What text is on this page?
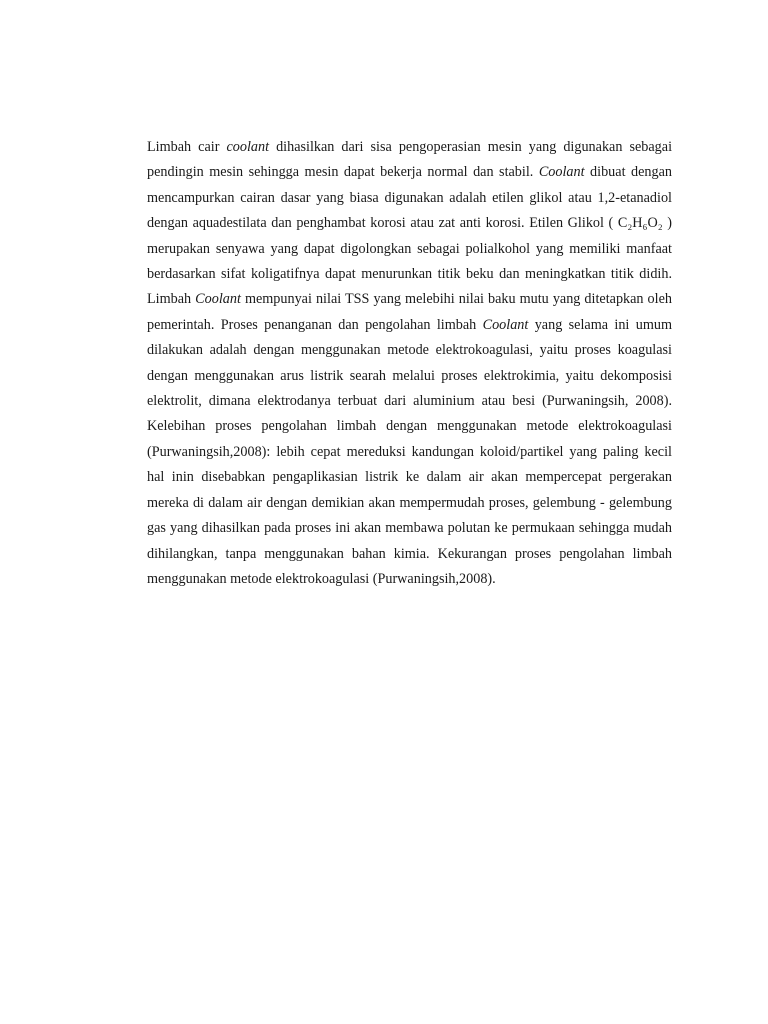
Limbah cair coolant dihasilkan dari sisa pengoperasian mesin yang digunakan sebagai pendingin mesin sehingga mesin dapat bekerja normal dan stabil. Coolant dibuat dengan mencampurkan cairan dasar yang biasa digunakan adalah etilen glikol atau 1,2-etanadiol dengan aquadestilata dan penghambat korosi atau zat anti korosi. Etilen Glikol ( C₂H₆O₂ ) merupakan senyawa yang dapat digolongkan sebagai polialkohol yang memiliki manfaat berdasarkan sifat koligatifnya dapat menurunkan titik beku dan meningkatkan titik didih. Limbah Coolant mempunyai nilai TSS yang melebihi nilai baku mutu yang ditetapkan oleh pemerintah. Proses penanganan dan pengolahan limbah Coolant yang selama ini umum dilakukan adalah dengan menggunakan metode elektrokoagulasi, yaitu proses koagulasi dengan menggunakan arus listrik searah melalui proses elektrokimia, yaitu dekomposisi elektrolit, dimana elektrodanya terbuat dari aluminium atau besi (Purwaningsih, 2008). Kelebihan proses pengolahan limbah dengan menggunakan metode elektrokoagulasi (Purwaningsih,2008): lebih cepat mereduksi kandungan koloid/partikel yang paling kecil hal inin disebabkan pengaplikasian listrik ke dalam air akan mempercepat pergerakan mereka di dalam air dengan demikian akan mempermudah proses, gelembung - gelembung gas yang dihasilkan pada proses ini akan membawa polutan ke permukaan sehingga mudah dihilangkan, tanpa menggunakan bahan kimia. Kekurangan proses pengolahan limbah menggunakan metode elektrokoagulasi (Purwaningsih,2008).
